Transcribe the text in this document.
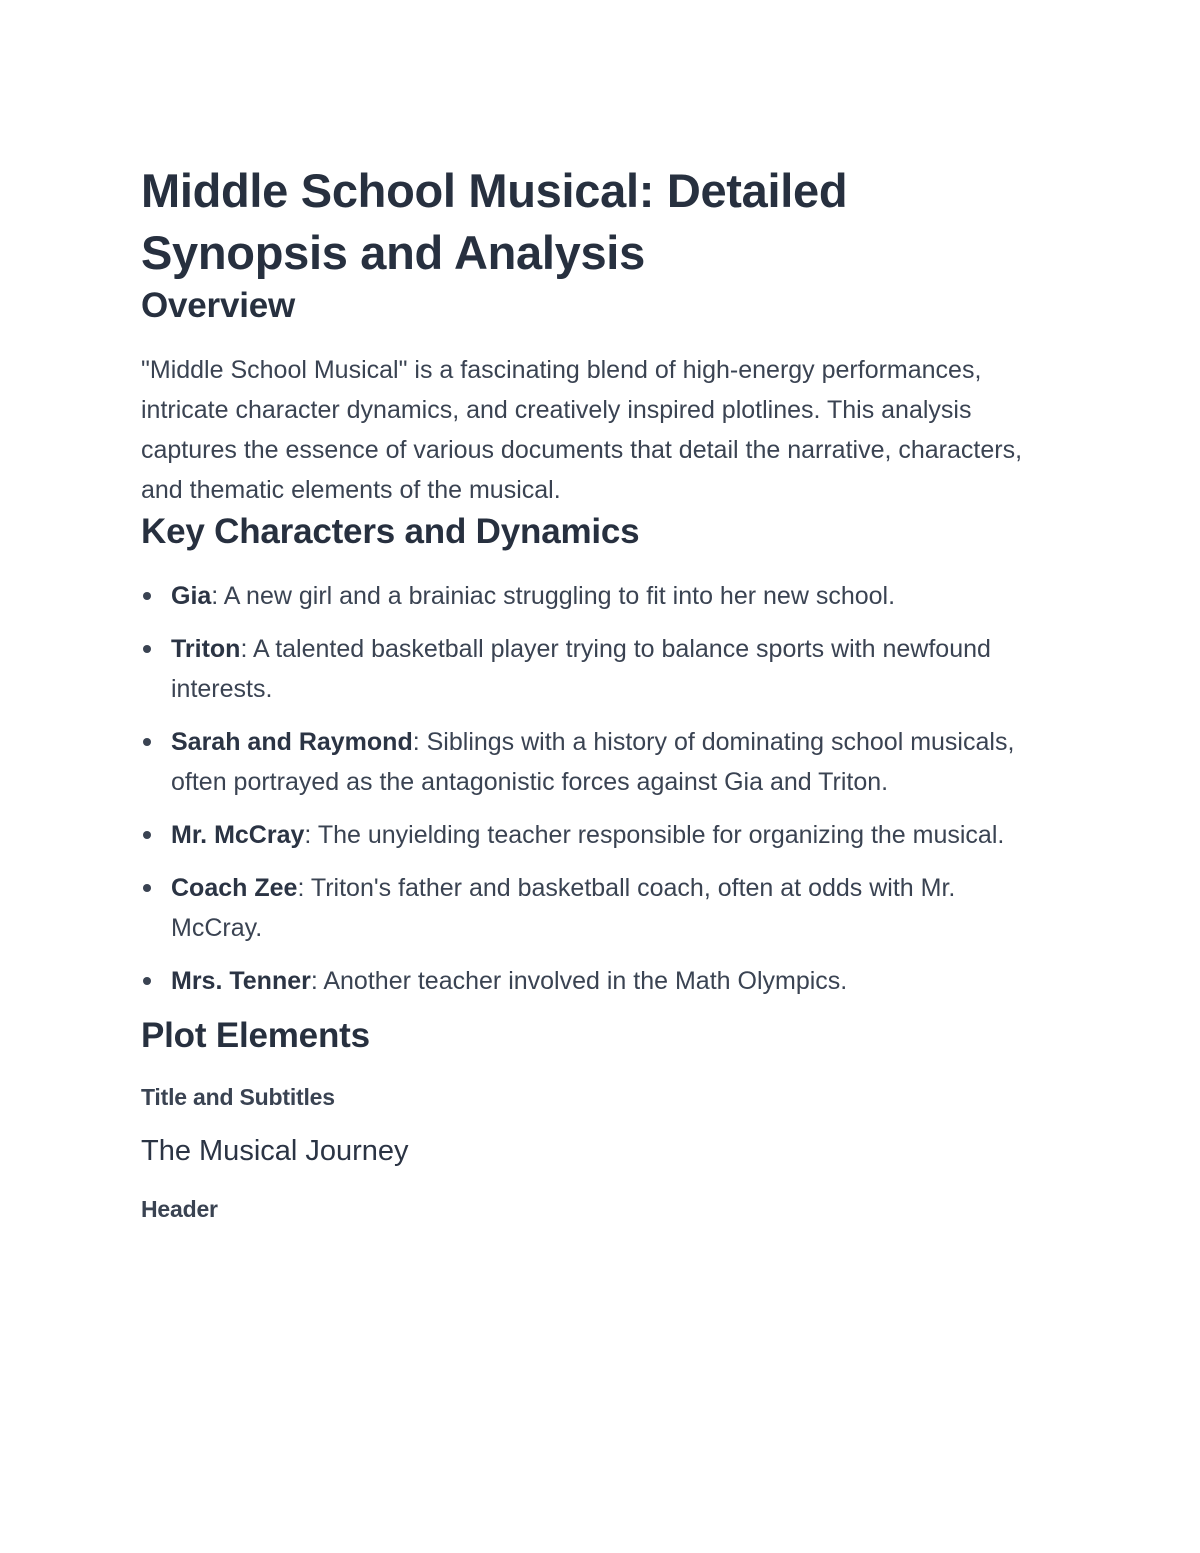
Middle School Musical: Detailed Synopsis and Analysis
Overview

"Middle School Musical" is a fascinating blend of high-energy performances, intricate character dynamics, and creatively inspired plotlines. This analysis captures the essence of various documents that detail the narrative, characters, and thematic elements of the musical.

Key Characters and Dynamics
Gia: A new girl and a brainiac struggling to fit into her new school.
Triton: A talented basketball player trying to balance sports with newfound interests.
Sarah and Raymond: Siblings with a history of dominating school musicals, often portrayed as the antagonistic forces against Gia and Triton.
Mr. McCray: The unyielding teacher responsible for organizing the musical.
Coach Zee: Triton's father and basketball coach, often at odds with Mr. McCray.
Mrs. Tenner: Another teacher involved in the Math Olympics.
Plot Elements
Title and Subtitles
The Musical Journey
Header
